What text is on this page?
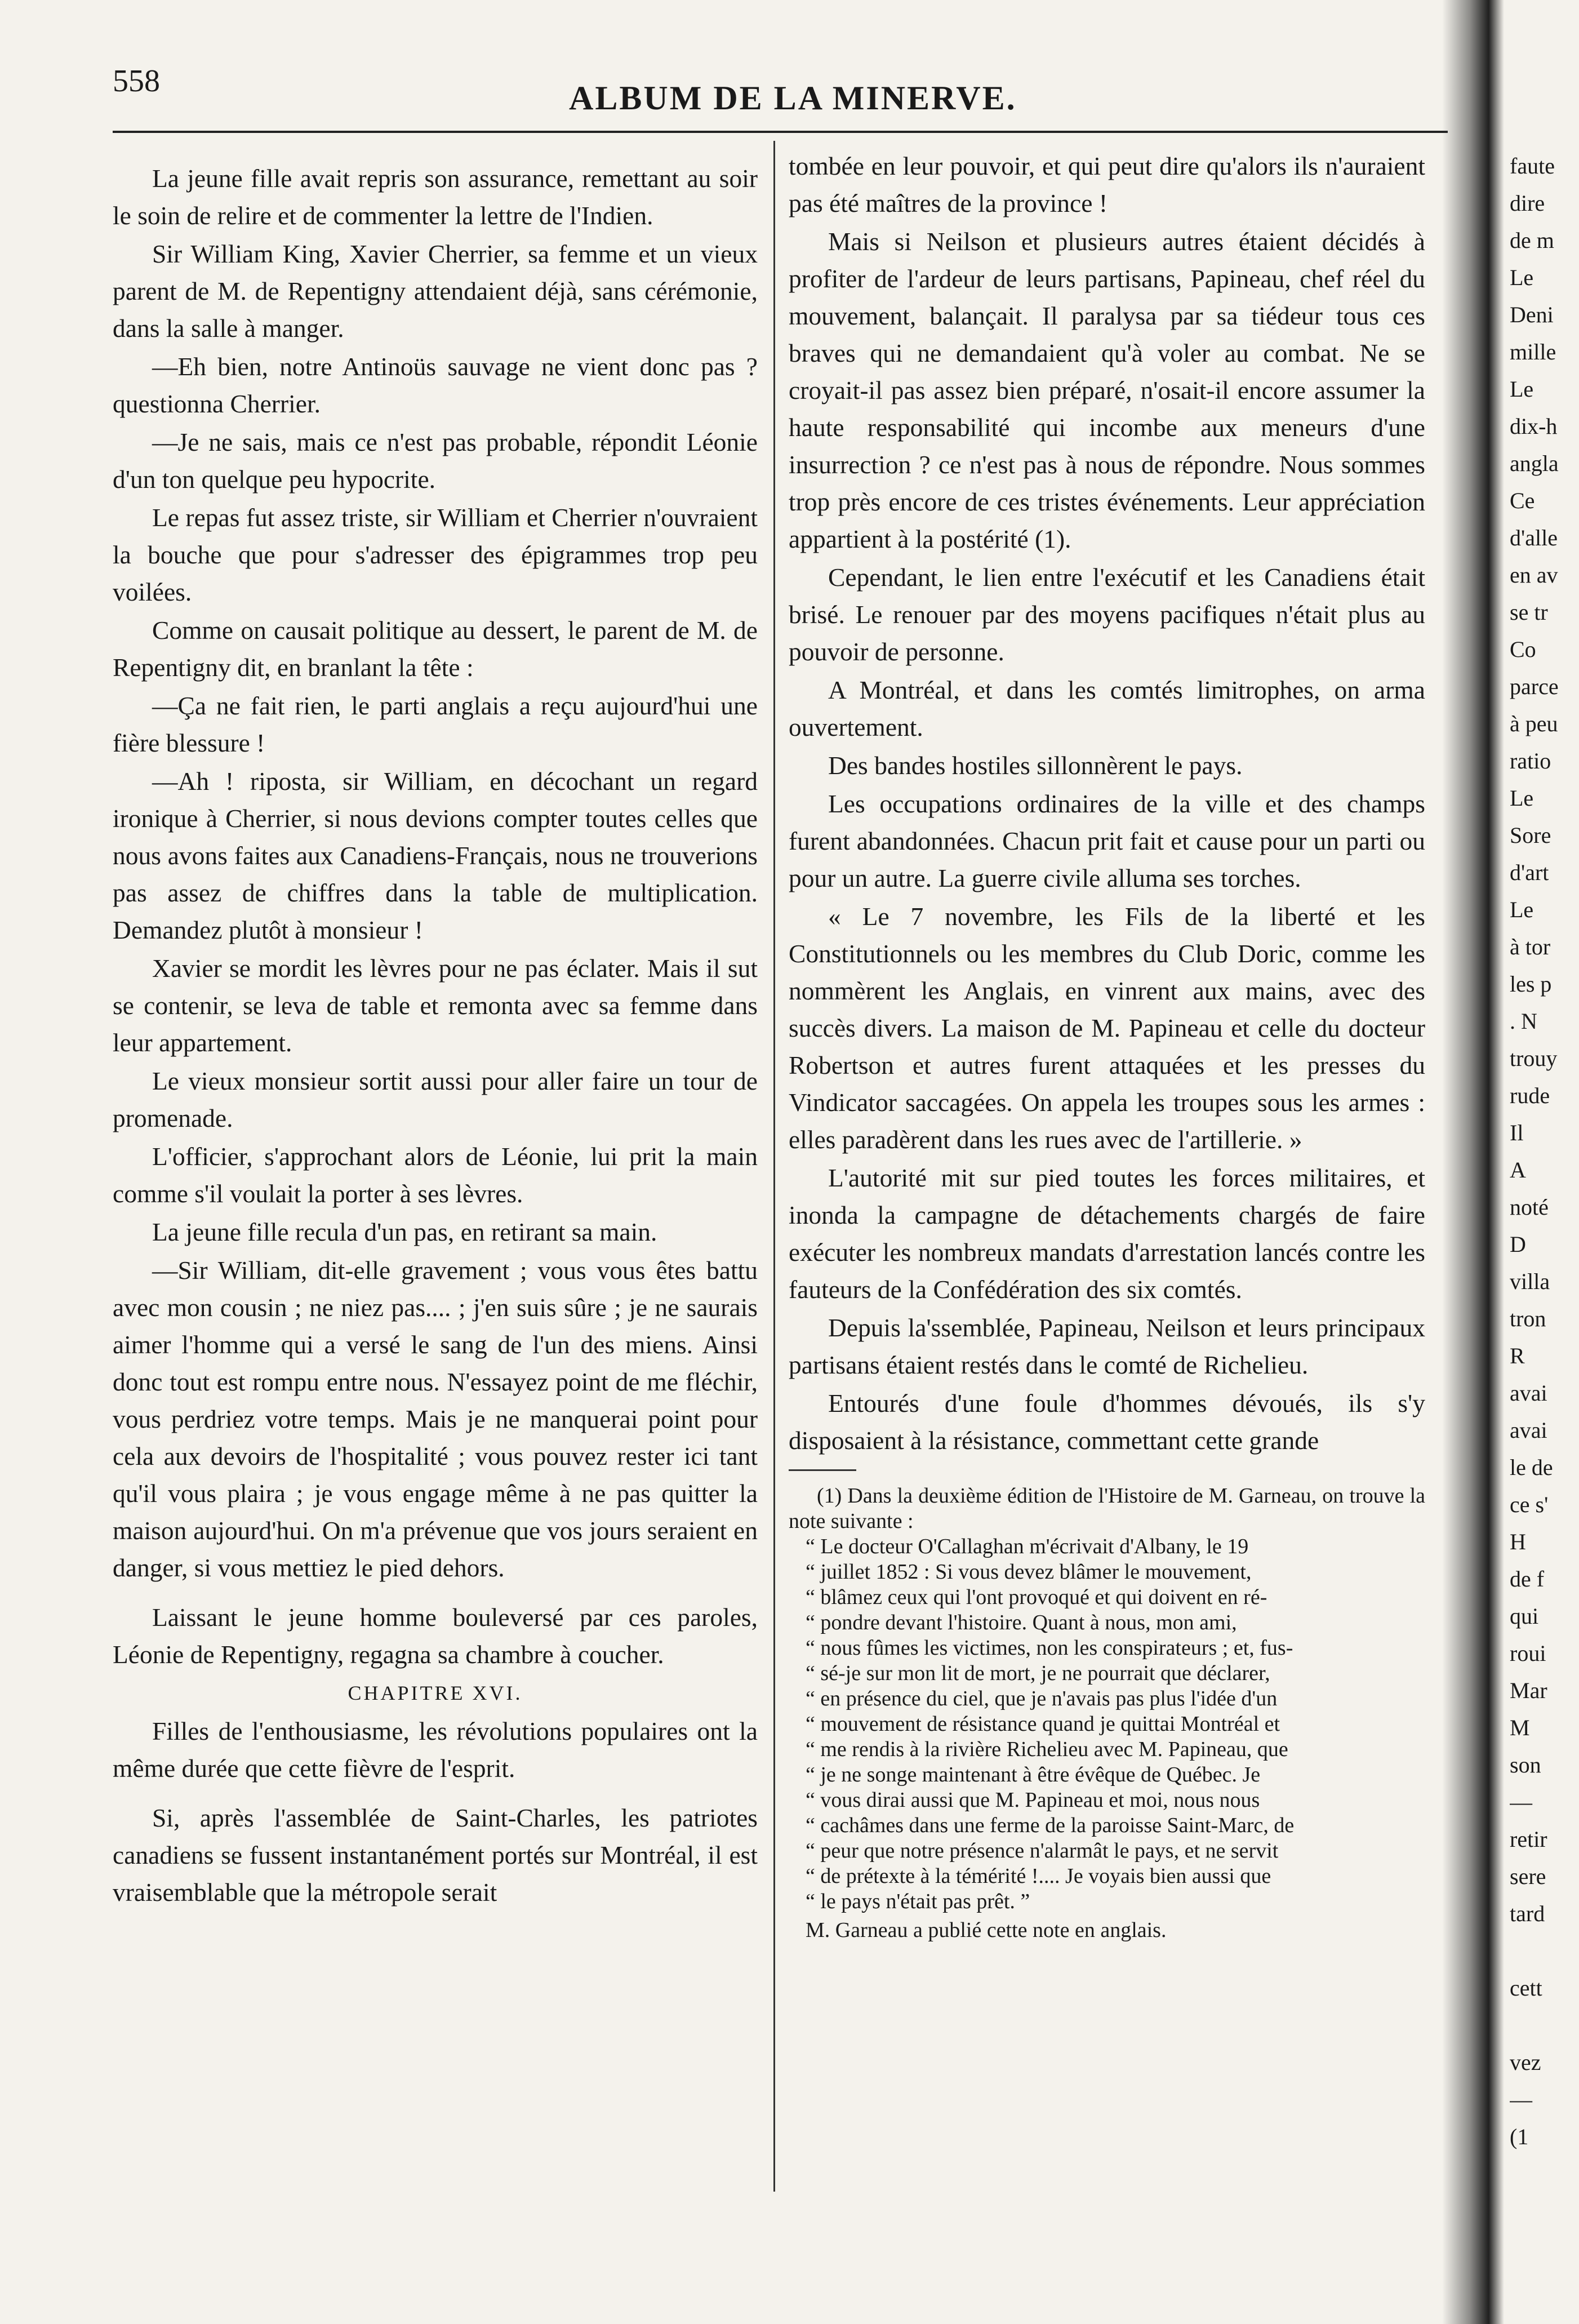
558	ALBUM DE LA MINERVE.

La jeune fille avait repris son assurance, remettant au soir le soin de relire et de commenter la lettre de l'Indien.

Sir William King, Xavier Cherrier, sa femme et un vieux parent de M. de Repentigny attendaient déjà, sans cérémonie, dans la salle à manger.

—Eh bien, notre Antinoüs sauvage ne vient donc pas ? questionna Cherrier.

—Je ne sais, mais ce n'est pas probable, répondit Léonie d'un ton quelque peu hypocrite.

Le repas fut assez triste, sir William et Cherrier n'ouvraient la bouche que pour s'adresser des épigrammes trop peu voilées.

Comme on causait politique au dessert, le parent de M. de Repentigny dit, en branlant la tête :

—Ça ne fait rien, le parti anglais a reçu aujourd'hui une fière blessure !

—Ah ! riposta, sir William, en décochant un regard ironique à Cherrier, si nous devions compter toutes celles que nous avons faites aux Canadiens-Français, nous ne trouverions pas assez de chiffres dans la table de multiplication. Demandez plutôt à monsieur !

Xavier se mordit les lèvres pour ne pas éclater. Mais il sut se contenir, se leva de table et remonta avec sa femme dans leur appartement.

Le vieux monsieur sortit aussi pour aller faire un tour de promenade.

L'officier, s'approchant alors de Léonie, lui prit la main comme s'il voulait la porter à ses lèvres.

La jeune fille recula d'un pas, en retirant sa main.

—Sir William, dit-elle gravement ; vous vous êtes battu avec mon cousin ; ne niez pas.... ; j'en suis sûre ; je ne saurais aimer l'homme qui a versé le sang de l'un des miens. Ainsi donc tout est rompu entre nous. N'essayez point de me fléchir, vous perdriez votre temps. Mais je ne manquerai point pour cela aux devoirs de l'hospitalité ; vous pouvez rester ici tant qu'il vous plaira ; je vous engage même à ne pas quitter la maison aujourd'hui. On m'a prévenue que vos jours seraient en danger, si vous mettiez le pied dehors.

Laissant le jeune homme bouleversé par ces paroles, Léonie de Repentigny, regagna sa chambre à coucher.

CHAPITRE XVI.

Filles de l'enthousiasme, les révolutions populaires ont la même durée que cette fièvre de l'esprit.

Si, après l'assemblée de Saint-Charles, les patriotes canadiens se fussent instantanément portés sur Montréal, il est vraisemblable que la métropole serait

tombée en leur pouvoir, et qui peut dire qu'alors ils n'auraient pas été maîtres de la province !

Mais si Neilson et plusieurs autres étaient décidés à profiter de l'ardeur de leurs partisans, Papineau, chef réel du mouvement, balançait. Il paralysa par sa tiédeur tous ces braves qui ne demandaient qu'à voler au combat. Ne se croyait-il pas assez bien préparé, n'osait-il encore assumer la haute responsabilité qui incombe aux meneurs d'une insurrection ? ce n'est pas à nous de répondre. Nous sommes trop près encore de ces tristes événements. Leur appréciation appartient à la postérité (1).

Cependant, le lien entre l'exécutif et les Canadiens était brisé. Le renouer par des moyens pacifiques n'était plus au pouvoir de personne.

A Montréal, et dans les comtés limitrophes, on arma ouvertement.

Des bandes hostiles sillonnèrent le pays.

Les occupations ordinaires de la ville et des champs furent abandonnées. Chacun prit fait et cause pour un parti ou pour un autre. La guerre civile alluma ses torches.

« Le 7 novembre, les Fils de la liberté et les Constitutionnels ou les membres du Club Doric, comme les nommèrent les Anglais, en vinrent aux mains, avec des succès divers. La maison de M. Papineau et celle du docteur Robertson et autres furent attaquées et les presses du Vindicator saccagées. On appela les troupes sous les armes : elles paradèrent dans les rues avec de l'artillerie. »

L'autorité mit sur pied toutes les forces militaires, et inonda la campagne de détachements chargés de faire exécuter les nombreux mandats d'arrestation lancés contre les fauteurs de la Confédération des six comtés.

Depuis la'ssemblée, Papineau, Neilson et leurs principaux partisans étaient restés dans le comté de Richelieu.

Entourés d'une foule d'hommes dévoués, ils s'y disposaient à la résistance, commettant cette grande

(1) Dans la deuxième édition de l'Histoire de M. Garneau, on trouve la note suivante :

“ Le docteur O'Callaghan m'écrivait d'Albany, le 19

“ juillet 1852 : Si vous devez blâmer le mouvement,

“ blâmez ceux qui l'ont provoqué et qui doivent en ré-

“ pondre devant l'histoire. Quant à nous, mon ami,

“ nous fûmes les victimes, non les conspirateurs ; et, fus-

“ sé-je sur mon lit de mort, je ne pourrait que déclarer,

“ en présence du ciel, que je n'avais pas plus l'idée d'un

“ mouvement de résistance quand je quittai Montréal et

“ me rendis à la rivière Richelieu avec M. Papineau, que

“ je ne songe maintenant à être évêque de Québec. Je

“ vous dirai aussi que M. Papineau et moi, nous nous

“ cachâmes dans une ferme de la paroisse Saint-Marc, de

“ peur que notre présence n'alarmât le pays, et ne servit

“ de prétexte à la témérité !.... Je voyais bien aussi que

“ le pays n'était pas prêt. ”

M. Garneau a publié cette note en anglais.

faute
dire
de m
Le
Deni
mille
Le
dix-h
angla
Ce
d'alle
en av
se tr
Co
parce
à peu
ratio
Le
Sore
d'art
Le
à tor
les p
. N
trouy
rude
Il
A
noté
D
villa
tron
R
avai
avai
le de
ce s'
H
de f
qui
roui
Mar
M
son
—
retir
sere
tard
cett
vez
—
(1
